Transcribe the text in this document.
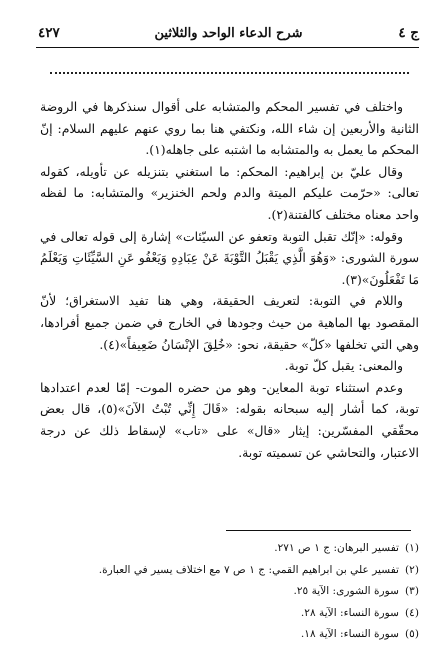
ج ٤
شرح الدعاء الواحد والثلاثين
٤٢٧

واختلف في تفسير المحكم والمتشابه على أقوال سنذكرها في الروضة الثانية والأربعين إن شاء الله، ونكتفي هنا بما روي عنهم عليهم السلام: إنّ المحكم ما يعمل به والمتشابه ما اشتبه على جاهله(١).

وقال عليّ بن إبراهيم: المحكم: ما استغني بتنزيله عن تأويله، كقوله تعالى: «حرّمت عليكم الميتة والدم ولحم الخنزير» والمتشابه: ما لفظه واحد معناه مختلف كالفتنة(٢).

وقوله: «إنّك تقبل التوبة وتعفو عن السيّئات» إشارة إلى قوله تعالى في سورة الشورى: «وَهُوَ الَّذِي يَقْبَلُ التَّوْبَةَ عَنْ عِبَادِهِ وَيَعْفُو عَنِ السَّيِّئَاتِ وَيَعْلَمُ مَا تَفْعَلُونَ»(٣).

واللام في التوبة: لتعريف الحقيقة، وهي هنا تفيد الاستغراق؛ لأنّ المقصود بها الماهية من حيث وجودها في الخارج في ضمن جميع أفرادها، وهي التي تخلفها «كلّ» حقيقة، نحو: «خُلِقَ الإنْسَانُ ضَعِيفاً»(٤).

والمعنى: يقبل كلّ توبة.

وعدم استثناء توبة المعاين- وهو من حضره الموت- إمّا لعدم اعتدادها توبة، كما أشار إليه سبحانه بقوله: «قَالَ إِنِّي تُبْتُ الآنَ»(٥)، قال بعض محقّقي المفسّرين: إيثار «قال» على «تاب» لإسقاط ذلك عن درجة الاعتبار، والتحاشي عن تسميته توبة.

(١)تفسير البرهان: ج ١ ص ٢٧١.
(٢)تفسير علي بن ابراهيم القمي: ج ١ ص ٧ مع اختلاف يسير في العبارة.
(٣)سورة الشورى: الآية ٢٥.
(٤)سورة النساء: الآية ٢٨.
(٥)سورة النساء: الآية ١٨.
